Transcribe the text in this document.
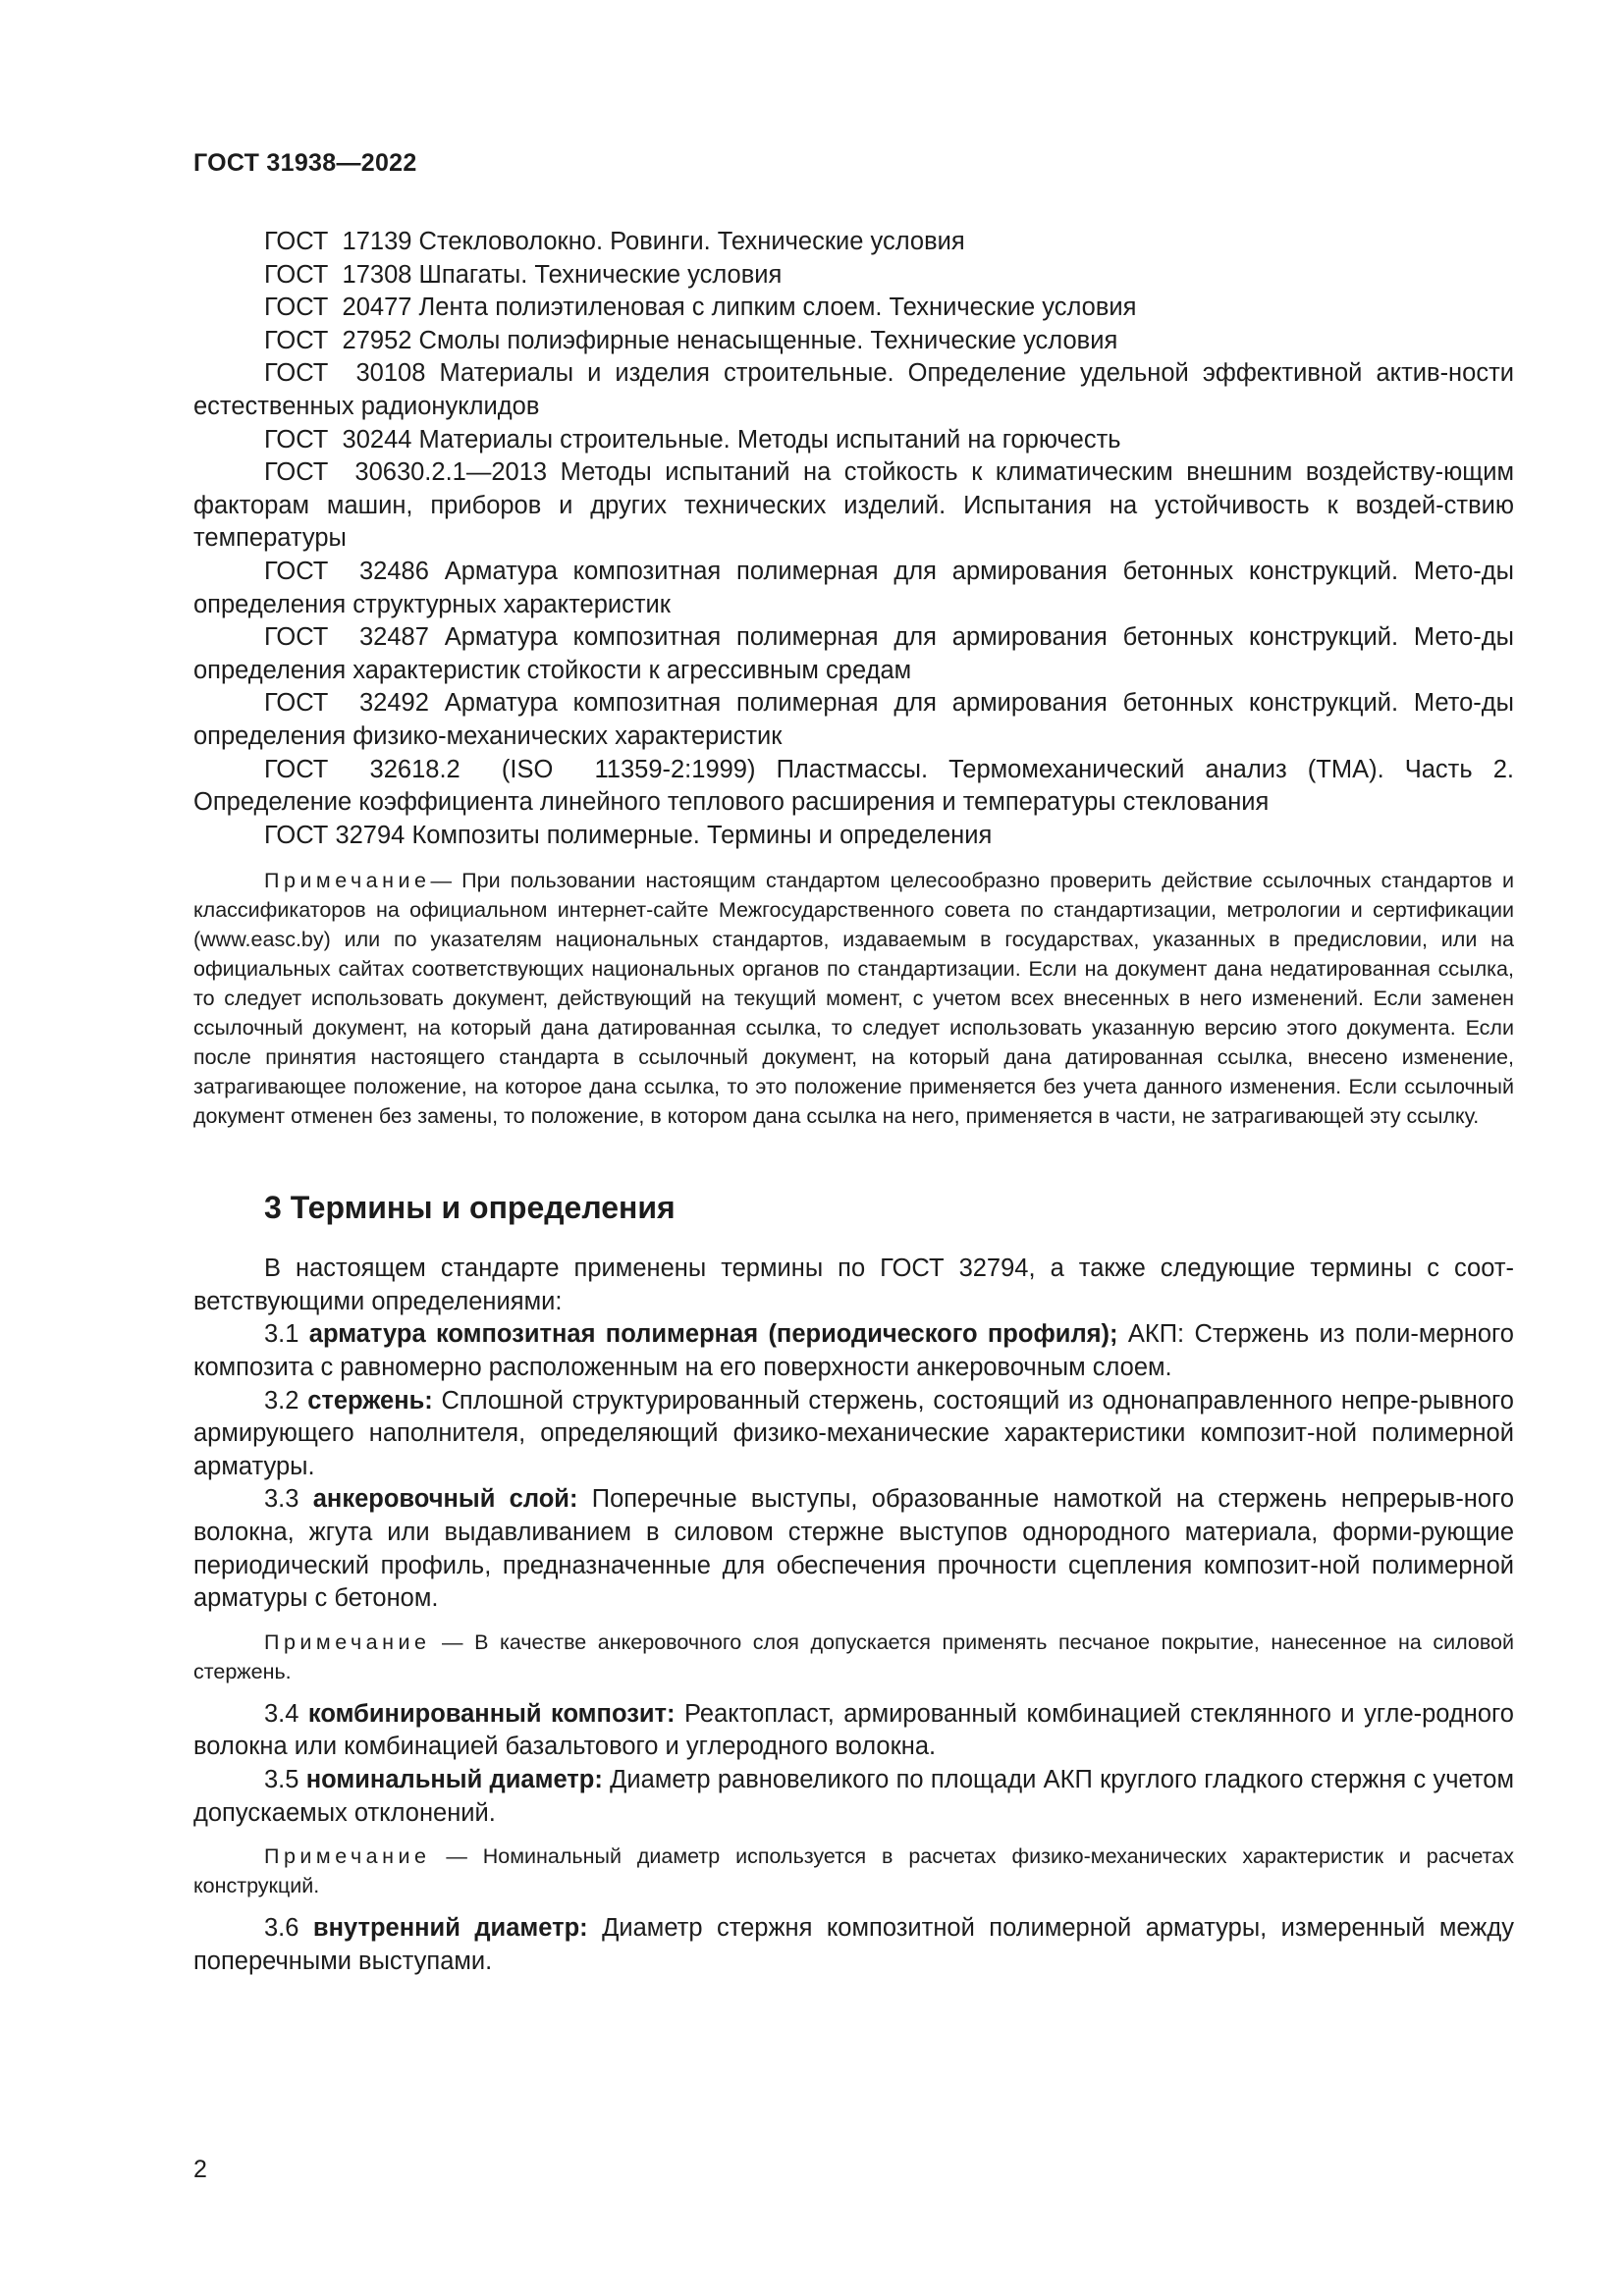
ГОСТ 31938—2022

ГОСТ  17139 Стекловолокно. Ровинги. Технические условия

ГОСТ  17308 Шпагаты. Технические условия

ГОСТ  20477 Лента полиэтиленовая с липким слоем. Технические условия

ГОСТ  27952 Смолы полиэфирные ненасыщенные. Технические условия

ГОСТ  30108 Материалы и изделия строительные. Определение удельной эффективной актив-ности естественных радионуклидов

ГОСТ  30244 Материалы строительные. Методы испытаний на горючесть

ГОСТ  30630.2.1—2013 Методы испытаний на стойкость к климатическим внешним воздейству-ющим факторам машин, приборов и других технических изделий. Испытания на устойчивость к воздей-ствию температуры

ГОСТ  32486 Арматура композитная полимерная для армирования бетонных конструкций. Мето-ды определения структурных характеристик

ГОСТ  32487 Арматура композитная полимерная для армирования бетонных конструкций. Мето-ды определения характеристик стойкости к агрессивным средам

ГОСТ  32492 Арматура композитная полимерная для армирования бетонных конструкций. Мето-ды определения физико-механических характеристик

ГОСТ  32618.2  (ISO  11359-2:1999) Пластмассы. Термомеханический анализ (ТМА). Часть 2. Определение коэффициента линейного теплового расширения и температуры стеклования

ГОСТ 32794 Композиты полимерные. Термины и определения

Примечание— При пользовании настоящим стандартом целесообразно проверить действие ссылочных стандартов и классификаторов на официальном интернет-сайте Межгосударственного совета по стандартизации, метрологии и сертификации (www.easc.by) или по указателям национальных стандартов, издаваемым в государствах, указанных в предисловии, или на официальных сайтах соответствующих национальных органов по стандартизации. Если на документ дана недатированная ссылка, то следует использовать документ, действующий на текущий момент, с учетом всех внесенных в него изменений. Если заменен ссылочный документ, на который дана датированная ссылка, то следует использовать указанную версию этого документа. Если после принятия настоящего стандарта в ссылочный документ, на который дана датированная ссылка, внесено изменение, затрагивающее положение, на которое дана ссылка, то это положение применяется без учета данного изменения. Если ссылочный документ отменен без замены, то положение, в котором дана ссылка на него, применяется в части, не затрагивающей эту ссылку.

3 Термины и определения

В настоящем стандарте применены термины по ГОСТ 32794, а также следующие термины с соот-ветствующими определениями:

3.1 арматура композитная полимерная (периодического профиля); АКП: Стержень из поли-мерного композита с равномерно расположенным на его поверхности анкеровочным слоем.

3.2 стержень: Сплошной структурированный стержень, состоящий из однонаправленного непре-рывного армирующего наполнителя, определяющий физико-механические характеристики композит-ной полимерной арматуры.

3.3 анкеровочный слой: Поперечные выступы, образованные намоткой на стержень непрерыв-ного волокна, жгута или выдавливанием в силовом стержне выступов однородного материала, форми-рующие периодический профиль, предназначенные для обеспечения прочности сцепления композит-ной полимерной арматуры с бетоном.

Примечание — В качестве анкеровочного слоя допускается применять песчаное покрытие, нанесенное на силовой стержень.

3.4 комбинированный композит: Реактопласт, армированный комбинацией стеклянного и угле-родного волокна или комбинацией базальтового и углеродного волокна.

3.5 номинальный диаметр: Диаметр равновеликого по площади АКП круглого гладкого стержня с учетом допускаемых отклонений.

Примечание — Номинальный диаметр используется в расчетах физико-механических характеристик и расчетах конструкций.

3.6 внутренний диаметр: Диаметр стержня композитной полимерной арматуры, измеренный между поперечными выступами.

2
